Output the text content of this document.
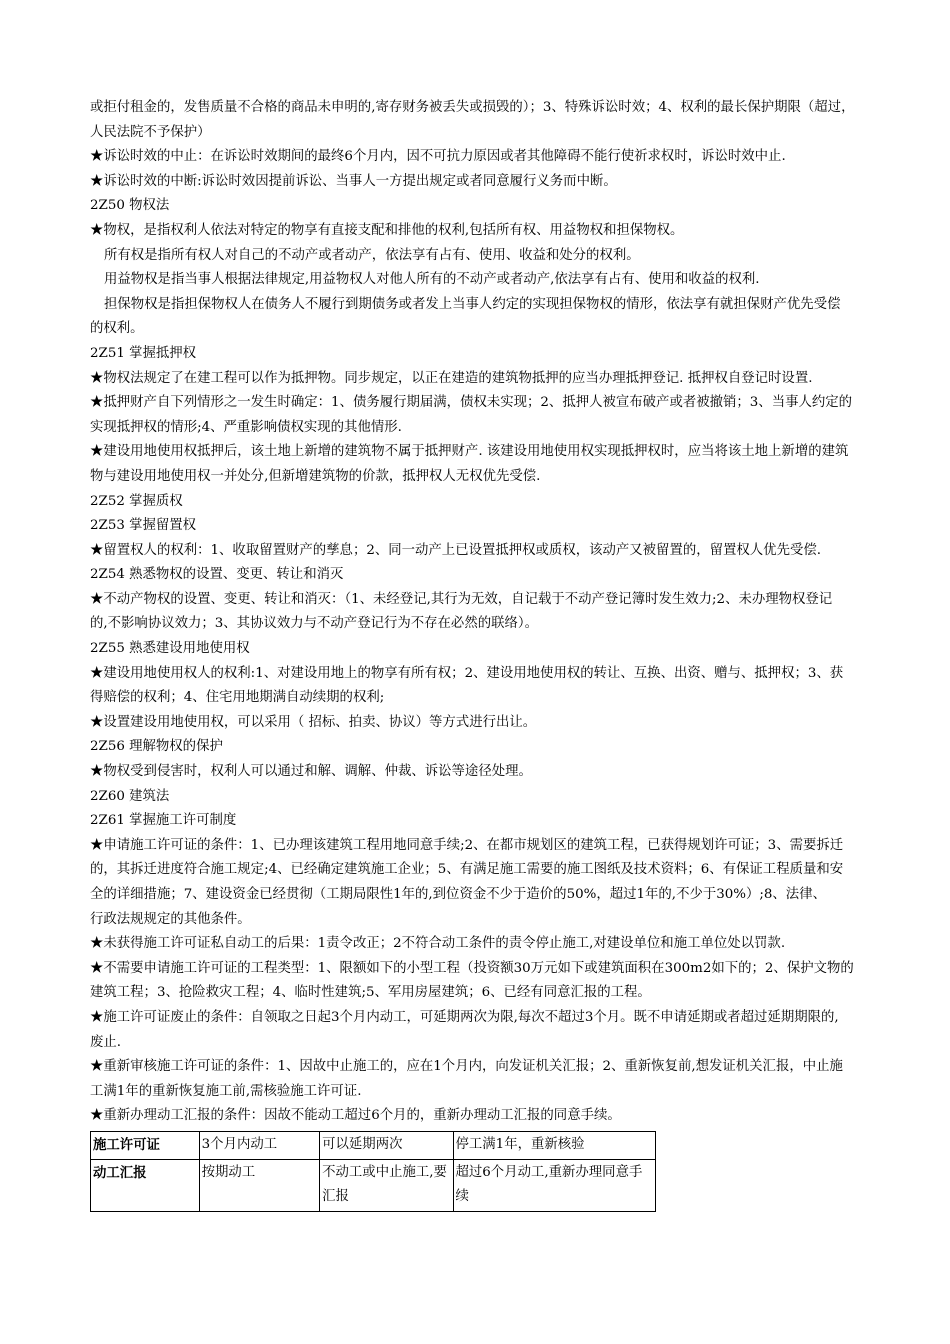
或拒付租金的，发售质量不合格的商品未申明的,寄存财务被丢失或损毁的）；3、特殊诉讼时效；4、权利的最长保护期限（超过，
人民法院不予保护）
★诉讼时效的中止：在诉讼时效期间的最终6个月内，因不可抗力原因或者其他障碍不能行使祈求权时，诉讼时效中止.
★诉讼时效的中断:诉讼时效因提前诉讼、当事人一方提出规定或者同意履行义务而中断。
2Z50 物权法
★物权，是指权利人依法对特定的物享有直接支配和排他的权利,包括所有权、用益物权和担保物权。
所有权是指所有权人对自己的不动产或者动产，依法享有占有、使用、收益和处分的权利。
用益物权是指当事人根据法律规定,用益物权人对他人所有的不动产或者动产,依法享有占有、使用和收益的权利.
担保物权是指担保物权人在债务人不履行到期债务或者发上当事人约定的实现担保物权的情形，依法享有就担保财产优先受偿
的权利。
2Z51 掌握抵押权
★物权法规定了在建工程可以作为抵押物。同步规定，以正在建造的建筑物抵押的应当办理抵押登记. 抵押权自登记时设置.
★抵押财产自下列情形之一发生时确定：1、债务履行期届满，债权未实现；2、抵押人被宣布破产或者被撤销；3、当事人约定的
实现抵押权的情形;4、严重影响债权实现的其他情形.
★建设用地使用权抵押后，该土地上新增的建筑物不属于抵押财产. 该建设用地使用权实现抵押权时，应当将该土地上新增的建筑
物与建设用地使用权一并处分,但新增建筑物的价款，抵押权人无权优先受偿.
2Z52 掌握质权
2Z53 掌握留置权
★留置权人的权利：1、收取留置财产的孳息；2、同一动产上已设置抵押权或质权，该动产又被留置的，留置权人优先受偿.
2Z54 熟悉物权的设置、变更、转让和消灭
★不动产物权的设置、变更、转让和消灭：（1、未经登记,其行为无效，自记载于不动产登记簿时发生效力;2、未办理物权登记
的,不影响协议效力；3、其协议效力与不动产登记行为不存在必然的联络）。
2Z55 熟悉建设用地使用权
★建设用地使用权人的权利:1、对建设用地上的物享有所有权；2、建设用地使用权的转让、互换、出资、赠与、抵押权；3、获
得赔偿的权利；4、住宅用地期满自动续期的权利;
★设置建设用地使用权，可以采用（ 招标、拍卖、协议）等方式进行出让。
2Z56 理解物权的保护
★物权受到侵害时，权利人可以通过和解、调解、仲裁、诉讼等途径处理。
2Z60 建筑法
2Z61 掌握施工许可制度
★申请施工许可证的条件：1、已办理该建筑工程用地同意手续;2、在都市规划区的建筑工程，已获得规划许可证；3、需要拆迁
的，其拆迁进度符合施工规定;4、已经确定建筑施工企业；5、有满足施工需要的施工图纸及技术资料；6、有保证工程质量和安
全的详细措施；7、建设资金已经贯彻（工期局限性1年的,到位资金不少于造价的50%，超过1年的,不少于30%）;8、法律、
行政法规规定的其他条件。
★未获得施工许可证私自动工的后果：1责令改正；2不符合动工条件的责令停止施工,对建设单位和施工单位处以罚款.
★不需要申请施工许可证的工程类型：1、限额如下的小型工程（投资额30万元如下或建筑面积在300m2如下的；2、保护文物的
建筑工程；3、抢险救灾工程；4、临时性建筑;5、军用房屋建筑；6、已经有同意汇报的工程。
★施工许可证废止的条件：自领取之日起3个月内动工，可延期两次为限,每次不超过3个月。既不申请延期或者超过延期期限的,
废止.
★重新审核施工许可证的条件：1、因故中止施工的，应在1个月内，向发证机关汇报；2、重新恢复前,想发证机关汇报，中止施
工满1年的重新恢复施工前,需核验施工许可证.
★重新办理动工汇报的条件：因故不能动工超过6个月的，重新办理动工汇报的同意手续。
施工许可证	3个月内动工	可以延期两次	停工满1年，重新核验
动工汇报	按期动工	不动工或中止施工,要汇报	超过6个月动工,重新办理同意手续
